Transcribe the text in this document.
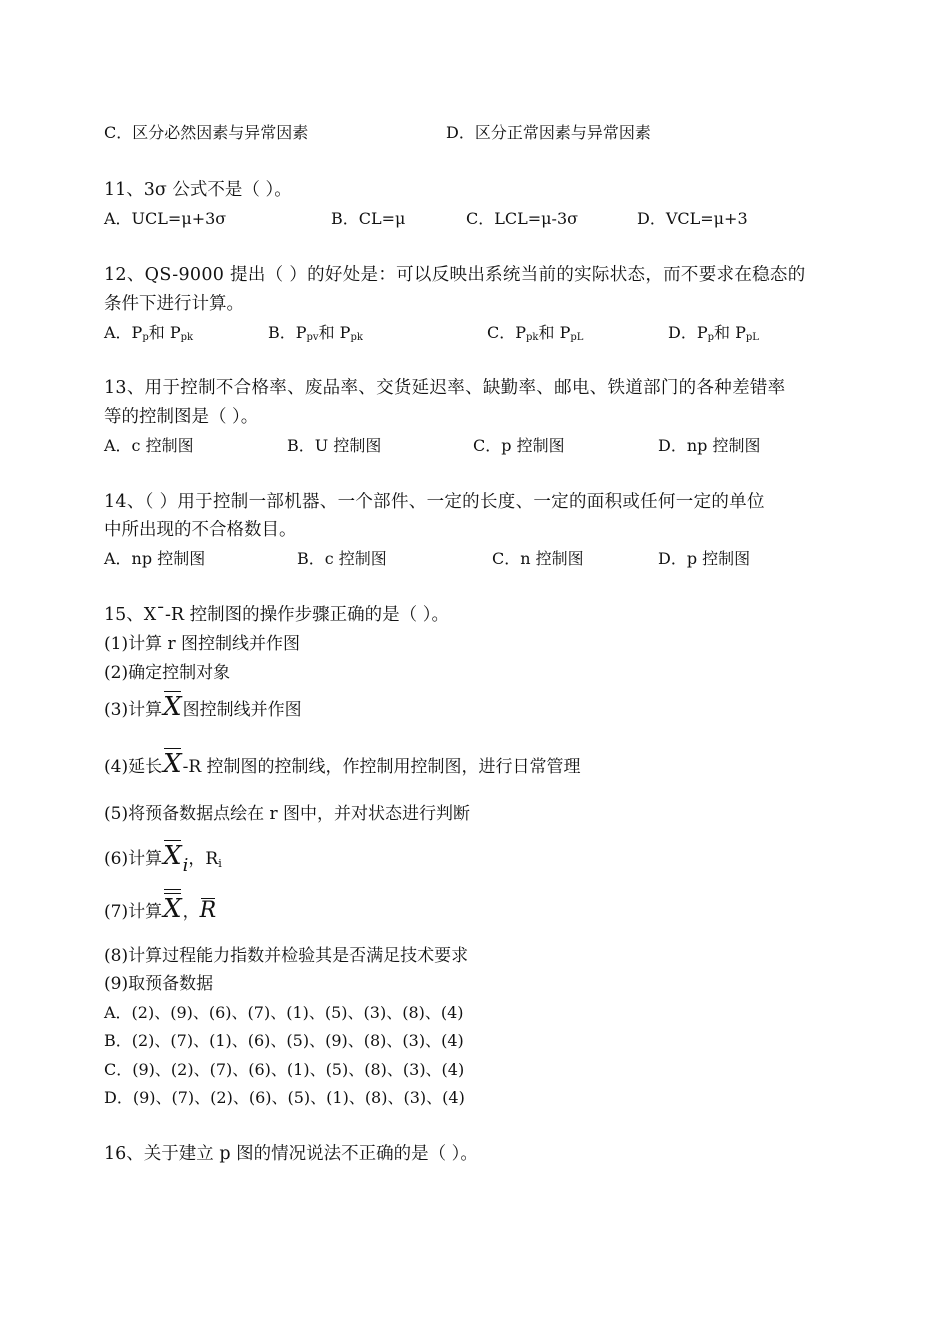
C．区分必然因素与异常因素	D．区分正常因素与异常因素
11、3σ 公式不是（ ）。
A．UCL=μ+3σ	B．CL=μ	C．LCL=μ-3σ	D．VCL=μ+3
12、QS-9000 提出（ ）的好处是：可以反映出系统当前的实际状态，而不要求在稳态的
条件下进行计算。
A．$P_p$和 $P_{pk}$	B．$P_{pv}$和 $P_{pk}$	C．$P_{pk}$和 $P_{pL}$	D．$P_p$和 $P_{pL}$
13、用于控制不合格率、废品率、交货延迟率、缺勤率、邮电、铁道部门的各种差错率
等的控制图是（ ）。
A．c 控制图	B．U 控制图	C．p 控制图	D．np 控制图
14、（ ）用于控制一部机器、一个部件、一定的长度、一定的面积或任何一定的单位
中所出现的不合格数目。
A．np 控制图	B．c 控制图	C．n 控制图	D．p 控制图
15、X¯-R 控制图的操作步骤正确的是（ ）。
(1)计算 r 图控制线并作图
(2)确定控制对象
(3)计算
X图控制线并作图
(4)延长
X-R 控制图的控制线，作控制用控制图，进行日常管理
(5)将预备数据点绘在 r 图中，并对状态进行判断
(6)计算
Xi，Ri
(7)计算
X，
R
(8)计算过程能力指数并检验其是否满足技术要求
(9)取预备数据
A．(2)、(9)、(6)、(7)、(1)、(5)、(3)、(8)、(4)
B．(2)、(7)、(1)、(6)、(5)、(9)、(8)、(3)、(4)
C．(9)、(2)、(7)、(6)、(1)、(5)、(8)、(3)、(4)
D．(9)、(7)、(2)、(6)、(5)、(1)、(8)、(3)、(4)
16、关于建立 p 图的情况说法不正确的是（ ）。
